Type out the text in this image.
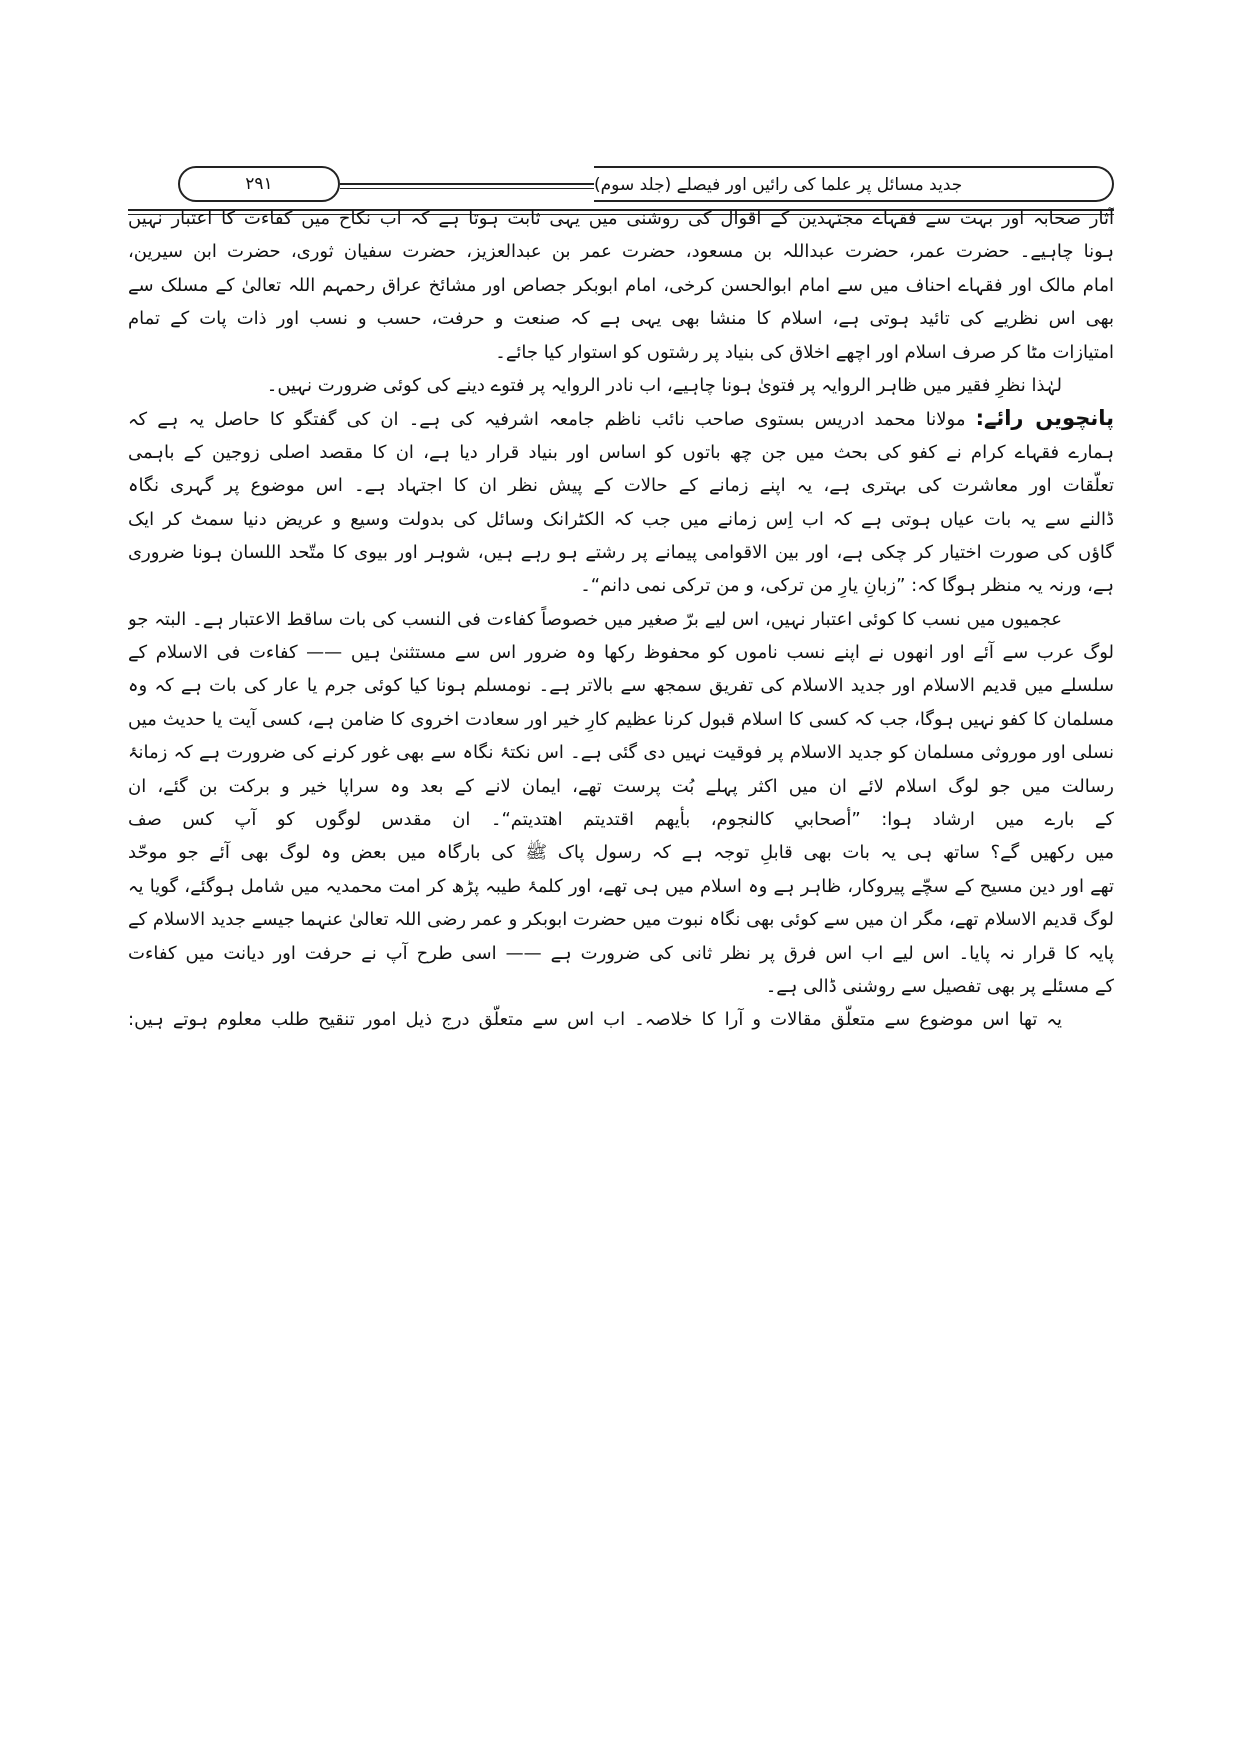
۲۹۱	جدید مسائل پر علما کی رائیں اور فیصلے (جلد سوم)
آثار صحابہ اور بہت سے فقہاے مجتہدین کے اقوال کی روشنی میں یہی ثابت ہوتا ہے کہ اب نکاح میں کفاءت کا اعتبار نہیں
ہونا چاہیے۔ حضرت عمر، حضرت عبداللہ بن مسعود، حضرت عمر بن عبدالعزیز، حضرت سفیان ثوری، حضرت ابن سیرین،
امام مالک اور فقہاے احناف میں سے امام ابوالحسن کرخی، امام ابوبکر جصاص اور مشائخ عراق رحمہم اللہ تعالیٰ کے مسلک سے
بھی اس نظریے کی تائید ہوتی ہے، اسلام کا منشا بھی یہی ہے کہ صنعت و حرفت، حسب و نسب اور ذات پات کے تمام
امتیازات مٹا کر صرف اسلام اور اچھے اخلاق کی بنیاد پر رشتوں کو استوار کیا جائے۔
لہٰذا نظرِ فقیر میں ظاہر الروایہ پر فتویٰ ہونا چاہیے، اب نادر الروایہ پر فتوے دینے کی کوئی ضرورت نہیں۔
پانچویں رائے: مولانا محمد ادریس بستوی صاحب نائب ناظم جامعہ اشرفیہ کی ہے۔ ان کی گفتگو کا حاصل یہ ہے کہ
ہمارے فقہاے کرام نے کفو کی بحث میں جن چھ باتوں کو اساس اور بنیاد قرار دیا ہے، ان کا مقصد اصلی زوجین کے باہمی
تعلّقات اور معاشرت کی بہتری ہے، یہ اپنے زمانے کے حالات کے پیش نظر ان کا اجتہاد ہے۔ اس موضوع پر گہری نگاہ
ڈالنے سے یہ بات عیاں ہوتی ہے کہ اب اِس زمانے میں جب کہ الکٹرانک وسائل کی بدولت وسیع و عریض دنیا سمٹ کر ایک
گاؤں کی صورت اختیار کر چکی ہے، اور بین الاقوامی پیمانے پر رشتے ہو رہے ہیں، شوہر اور بیوی کا متّحد اللسان ہونا ضروری
ہے، ورنہ یہ منظر ہوگا کہ: ”زبانِ یارِ من ترکی، و من ترکی نمی دانم“۔
عجمیوں میں نسب کا کوئی اعتبار نہیں، اس لیے برّ صغیر میں خصوصاً کفاءت فی النسب کی بات ساقط الاعتبار ہے۔ البتہ جو
لوگ عرب سے آئے اور انھوں نے اپنے نسب ناموں کو محفوظ رکھا وہ ضرور اس سے مستثنیٰ ہیں —— کفاءت فی الاسلام کے
سلسلے میں قدیم الاسلام اور جدید الاسلام کی تفریق سمجھ سے بالاتر ہے۔ نومسلم ہونا کیا کوئی جرم یا عار کی بات ہے کہ وہ
مسلمان کا کفو نہیں ہوگا، جب کہ کسی کا اسلام قبول کرنا عظیم کارِ خیر اور سعادت اخروی کا ضامن ہے، کسی آیت یا حدیث میں
نسلی اور موروثی مسلمان کو جدید الاسلام پر فوقیت نہیں دی گئی ہے۔ اس نکتۂ نگاہ سے بھی غور کرنے کی ضرورت ہے کہ زمانۂ
رسالت میں جو لوگ اسلام لائے ان میں اکثر پہلے بُت پرست تھے، ایمان لانے کے بعد وہ سراپا خیر و برکت بن گئے، ان
کے بارے میں ارشاد ہوا: ”أصحابي كالنجوم، بأيهم اقتديتم اهتديتم“۔ ان مقدس لوگوں کو آپ کس صف
میں رکھیں گے؟ ساتھ ہی یہ بات بھی قابلِ توجہ ہے کہ رسول پاک ﷺ کی بارگاہ میں بعض وہ لوگ بھی آئے جو موحّد
تھے اور دین مسیح کے سچّے پیروکار، ظاہر ہے وہ اسلام میں ہی تھے، اور کلمۂ طیبہ پڑھ کر امت محمدیہ میں شامل ہوگئے، گویا یہ
لوگ قدیم الاسلام تھے، مگر ان میں سے کوئی بھی نگاہ نبوت میں حضرت ابوبکر و عمر رضی اللہ تعالیٰ عنہما جیسے جدید الاسلام کے
پایہ کا قرار نہ پایا۔ اس لیے اب اس فرق پر نظر ثانی کی ضرورت ہے —— اسی طرح آپ نے حرفت اور دیانت میں کفاءت
کے مسئلے پر بھی تفصیل سے روشنی ڈالی ہے۔
یہ تھا اس موضوع سے متعلّق مقالات و آرا کا خلاصہ۔ اب اس سے متعلّق درج ذیل امور تنقیح طلب معلوم ہوتے ہیں:
